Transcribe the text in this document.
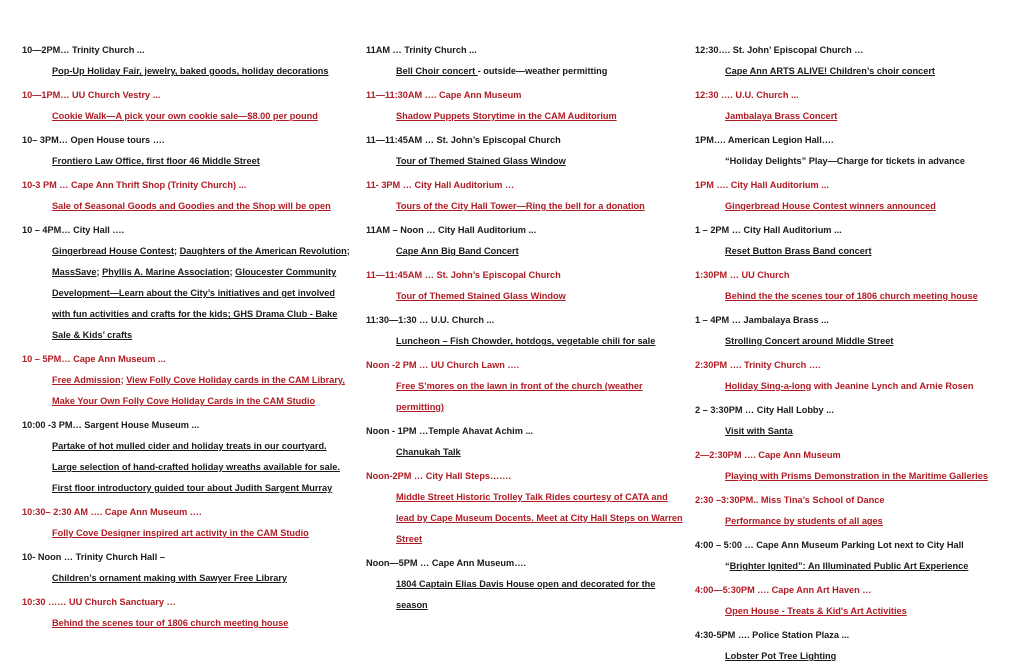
10—2PM… Trinity Church ...
Pop-Up Holiday Fair, jewelry, baked goods, holiday decorations
10—1PM… UU Church Vestry ...
Cookie Walk—A pick your own cookie sale—$8.00 per pound
10– 3PM… Open House tours ….
Frontiero Law Office, first floor 46 Middle Street
10-3 PM … Cape Ann Thrift Shop (Trinity Church) ...
Sale of Seasonal Goods and Goodies and the Shop will be open
10 – 4PM… City Hall ….
Gingerbread House Contest; Daughters of the American Revolution; MassSave; Phyllis A. Marine Association; Gloucester Community Development—Learn about the City’s initiatives and get involved with fun activities and crafts for the kids; GHS Drama Club - Bake Sale & Kids’ crafts
10 – 5PM… Cape Ann Museum ...
Free Admission; View Folly Cove Holiday cards in the CAM Library, Make Your Own Folly Cove Holiday Cards in the CAM Studio
10:00 -3 PM… Sargent House Museum ...
Partake of hot mulled cider and holiday treats in our courtyard. Large selection of hand-crafted holiday wreaths available for sale. First floor introductory guided tour about Judith Sargent Murray
10:30– 2:30 AM …. Cape Ann Museum ….
Folly Cove Designer inspired art activity in the CAM Studio
10- Noon … Trinity Church Hall –
Children’s ornament making with Sawyer Free Library
10:30 …… UU Church Sanctuary …
Behind the scenes tour of 1806 church meeting house
11AM … Trinity Church ...
Bell Choir concert - outside—weather permitting
11—11:30AM …. Cape Ann Museum
Shadow Puppets Storytime in the CAM Auditorium
11—11:45AM … St. John’s Episcopal Church
Tour of Themed Stained Glass Window
11- 3PM … City Hall Auditorium …
Tours of the City Hall Tower—Ring the bell for a donation
11AM – Noon … City Hall Auditorium ...
Cape Ann Big Band Concert
11—11:45AM … St. John’s Episcopal Church
Tour of Themed Stained Glass Window
11:30—1:30 … U.U. Church ...
Luncheon – Fish Chowder, hotdogs, vegetable chili for sale
Noon -2 PM … UU Church Lawn ….
Free S’mores on the lawn in front of the church (weather permitting)
Noon - 1PM …Temple Ahavat Achim ...
Chanukah Talk
Noon-2PM … City Hall Steps…….
Middle Street Historic Trolley Talk Rides courtesy of CATA and lead by Cape Museum Docents. Meet at City Hall Steps on Warren Street
Noon—5PM … Cape Ann Museum….
1804 Captain Elias Davis House open and decorated for the season
12:30…. St. John’ Episcopal Church …
Cape Ann ARTS ALIVE! Children’s choir concert
12:30 …. U.U. Church ...
Jambalaya Brass Concert
1PM…. American Legion Hall….
“Holiday Delights” Play—Charge for tickets in advance
1PM …. City Hall Auditorium ...
Gingerbread House Contest winners announced
1 – 2PM … City Hall Auditorium ...
Reset Button Brass Band concert
1:30PM … UU Church
Behind the the scenes tour of 1806 church meeting house
1 – 4PM … Jambalaya Brass ...
Strolling Concert around Middle Street
2:30PM …. Trinity Church ….
Holiday Sing-a-long with Jeanine Lynch and Arnie Rosen
2 – 3:30PM … City Hall Lobby ...
Visit with Santa
2—2:30PM …. Cape Ann Museum
Playing with Prisms Demonstration in the Maritime Galleries
2:30 –3:30PM.. Miss Tina’s School of Dance
Performance by students of all ages
4:00 – 5:00 … Cape Ann Museum Parking Lot next to City Hall
“Brighter Ignited”: An Illuminated Public Art Experience
4:00—5:30PM …. Cape Ann Art Haven …
Open House - Treats & Kid's Art Activities
4:30-5PM …. Police Station Plaza ...
Lobster Pot Tree Lighting
